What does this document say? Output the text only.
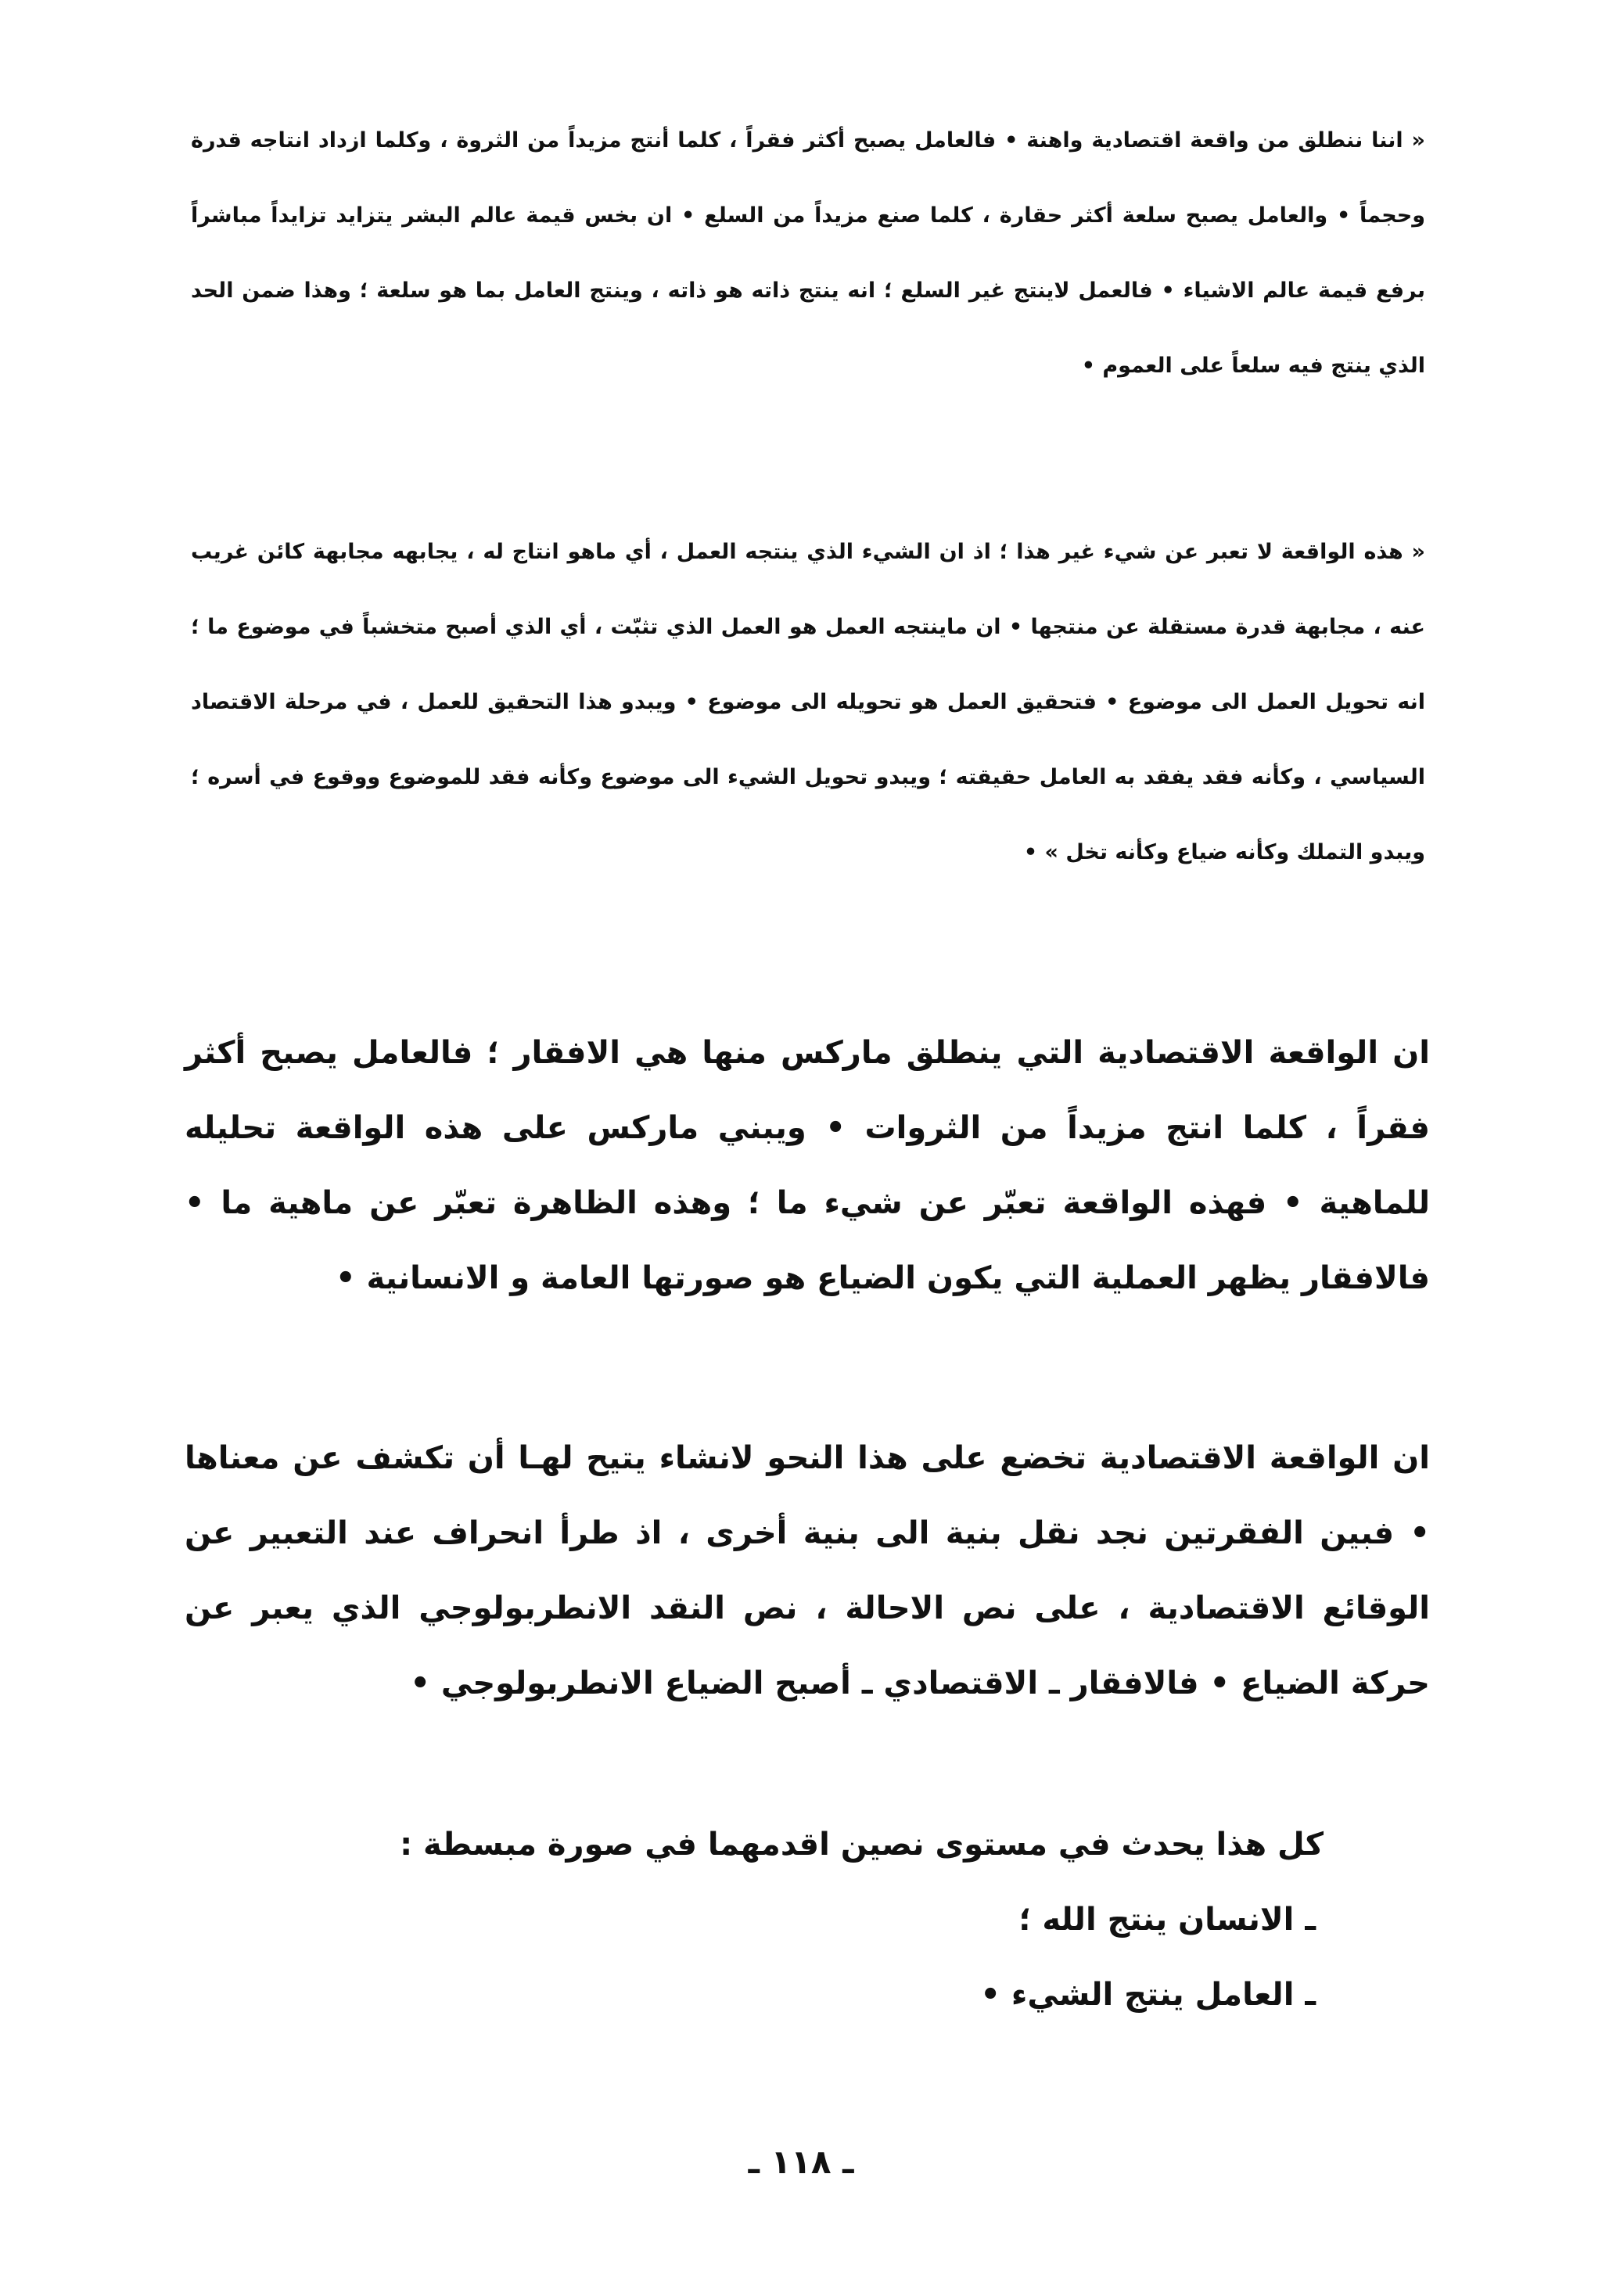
« اننا ننطلق من واقعة اقتصادية واهنة • فالعامل يصبح أكثر فقراً ، كلما أنتج مزيداً من الثروة ، وكلما ازداد انتاجه قدرة وحجماً • والعامل يصبح سلعة أكثر حقارة ، كلما صنع مزيداً من السلع • ان بخس قيمة عالم البشر يتزايد تزايداً مباشراً برفع قيمة عالم الاشياء • فالعمل لاينتج غير السلع ؛ انه ينتج ذاته هو ذاته ، وينتج العامل بما هو سلعة ؛ وهذا ضمن الحد الذي ينتج فيه سلعاً على العموم •

« هذه الواقعة لا تعبر عن شيء غير هذا ؛ اذ ان الشيء الذي ينتجه العمل ، أي ماهو انتاج له ، يجابهه مجابهة كائن غريب عنه ، مجابهة قدرة مستقلة عن منتجها • ان ماينتجه العمل هو العمل الذي تثبّت ، أي الذي أصبح متخشباً في موضوع ما ؛ انه تحويل العمل الى موضوع • فتحقيق العمل هو تحويله الى موضوع • ويبدو هذا التحقيق للعمل ، في مرحلة الاقتصاد السياسي ، وكأنه فقد يفقد به العامل حقيقته ؛ ويبدو تحويل الشيء الى موضوع وكأنه فقد للموضوع ووقوع في أسره ؛ ويبدو التملك وكأنه ضياع وكأنه تخل » •

ان الواقعة الاقتصادية التي ينطلق ماركس منها هي الافقار ؛ فالعامل يصبح أكثر فقراً ، كلما انتج مزيداً من الثروات • ويبني ماركس على هذه الواقعة تحليله للماهية • فهذه الواقعة تعبّر عن شيء ما ؛ وهذه الظاهرة تعبّر عن ماهية ما • فالافقار يظهر العملية التي يكون الضياع هو صورتها العامة و الانسانية •

ان الواقعة الاقتصادية تخضع على هذا النحو لانشاء يتيح لهـا أن تكشف عن معناها • فبين الفقرتين نجد نقل بنية الى بنية أخرى ، اذ طرأ انحراف عند التعبير عن الوقائع الاقتصادية ، على نص الاحالة ، نص النقد الانطربولوجي الذي يعبر عن حركة الضياع • فالافقار ـ الاقتصادي ـ أصبح الضياع الانطربولوجي •

كل هذا يحدث في مستوى نصين اقدمهما في صورة مبسطة :

ـ الانسان ينتج الله ؛

ـ العامل ينتج الشيء •

ـ ١١٨ ـ
